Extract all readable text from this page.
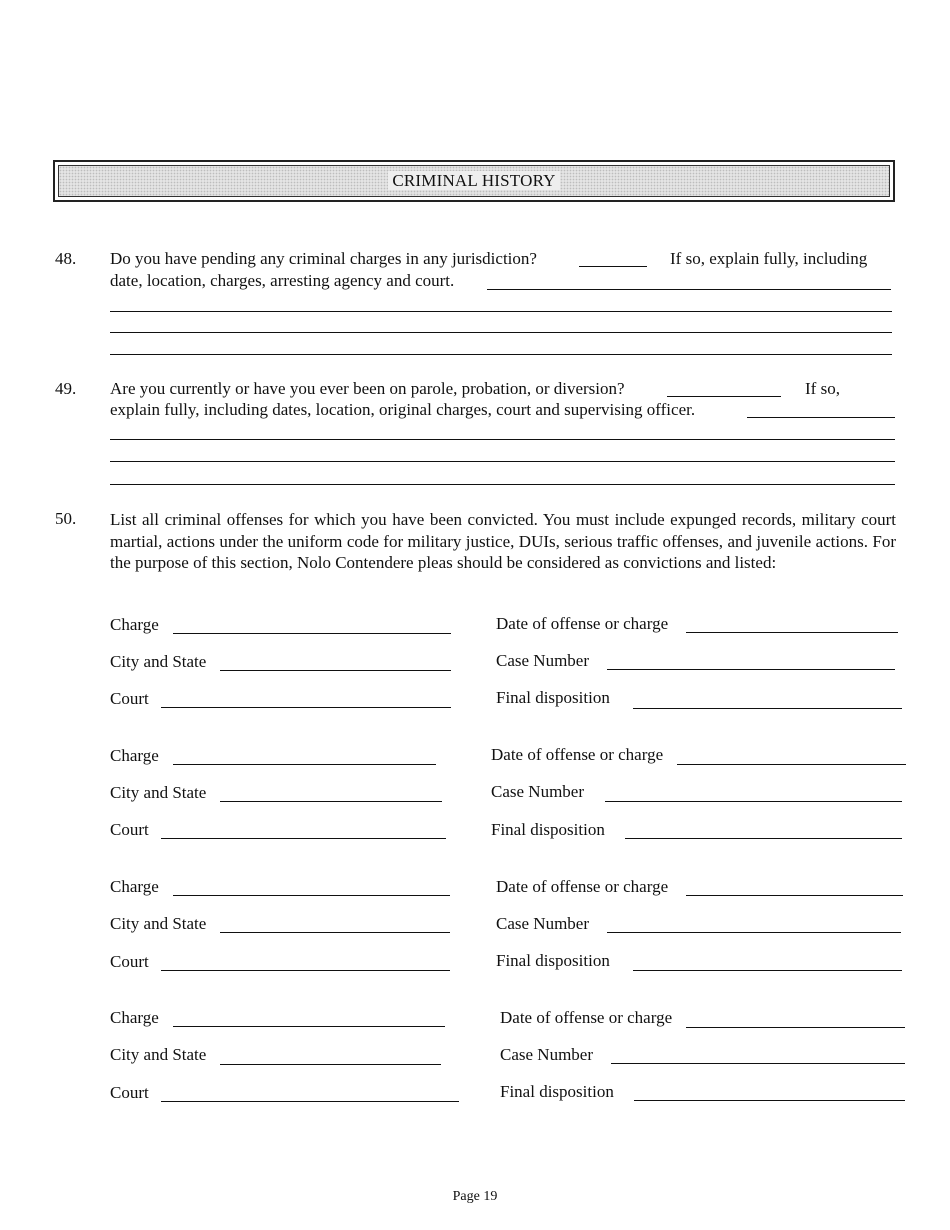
CRIMINAL HISTORY
48. Do you have pending any criminal charges in any jurisdiction?	If so, explain fully, including
date, location, charges, arresting agency and court.
49. Are you currently or have you ever been on parole, probation, or diversion?	If so,
explain fully, including dates, location, original charges, court and supervising officer.
50. List all criminal offenses for which you have been convicted. You must include expunged records, military court martial, actions under the uniform code for military justice, DUIs, serious traffic offenses, and juvenile actions. For the purpose of this section, Nolo Contendere pleas should be considered as convictions and listed:
Charge
City and State
Court
Date of offense or charge
Case Number
Final disposition
Charge
City and State
Court
Date of offense or charge
Case Number
Final disposition
Charge
City and State
Court
Date of offense or charge
Case Number
Final disposition
Charge
City and State
Court
Date of offense or charge
Case Number
Final disposition
Page 19
